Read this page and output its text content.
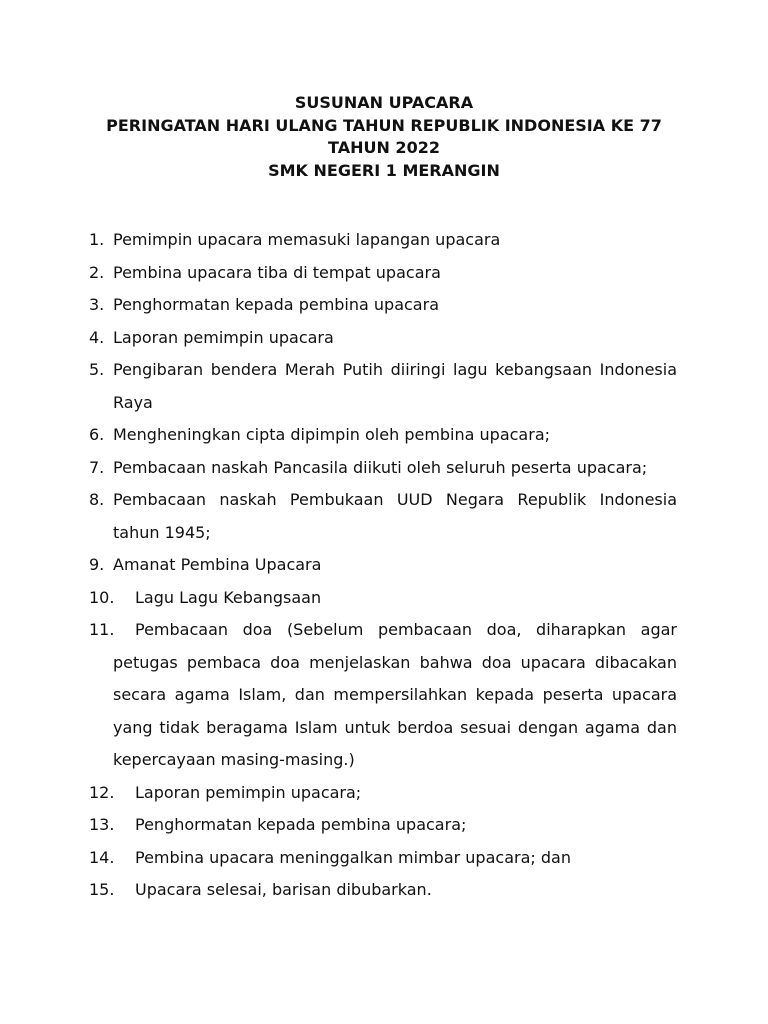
SUSUNAN UPACARA
PERINGATAN HARI ULANG TAHUN REPUBLIK INDONESIA KE 77
TAHUN 2022
SMK NEGERI 1 MERANGIN
1. Pemimpin upacara memasuki lapangan upacara
2. Pembina upacara tiba di tempat upacara
3. Penghormatan kepada pembina upacara
4. Laporan pemimpin upacara
5. Pengibaran bendera Merah Putih diiringi lagu kebangsaan Indonesia Raya
6. Mengheningkan cipta dipimpin oleh pembina upacara;
7. Pembacaan naskah Pancasila diikuti oleh seluruh peserta upacara;
8. Pembacaan naskah Pembukaan UUD Negara Republik Indonesia tahun 1945;
9. Amanat Pembina Upacara
10.	Lagu Lagu Kebangsaan
11.	Pembacaan doa (Sebelum pembacaan doa, diharapkan agar petugas pembaca doa menjelaskan bahwa doa upacara dibacakan secara agama Islam, dan mempersilahkan kepada peserta upacara yang tidak beragama Islam untuk berdoa sesuai dengan agama dan kepercayaan masing-masing.)
12.	Laporan pemimpin upacara;
13.	Penghormatan kepada pembina upacara;
14.	Pembina upacara meninggalkan mimbar upacara; dan
15.	Upacara selesai, barisan dibubarkan.
